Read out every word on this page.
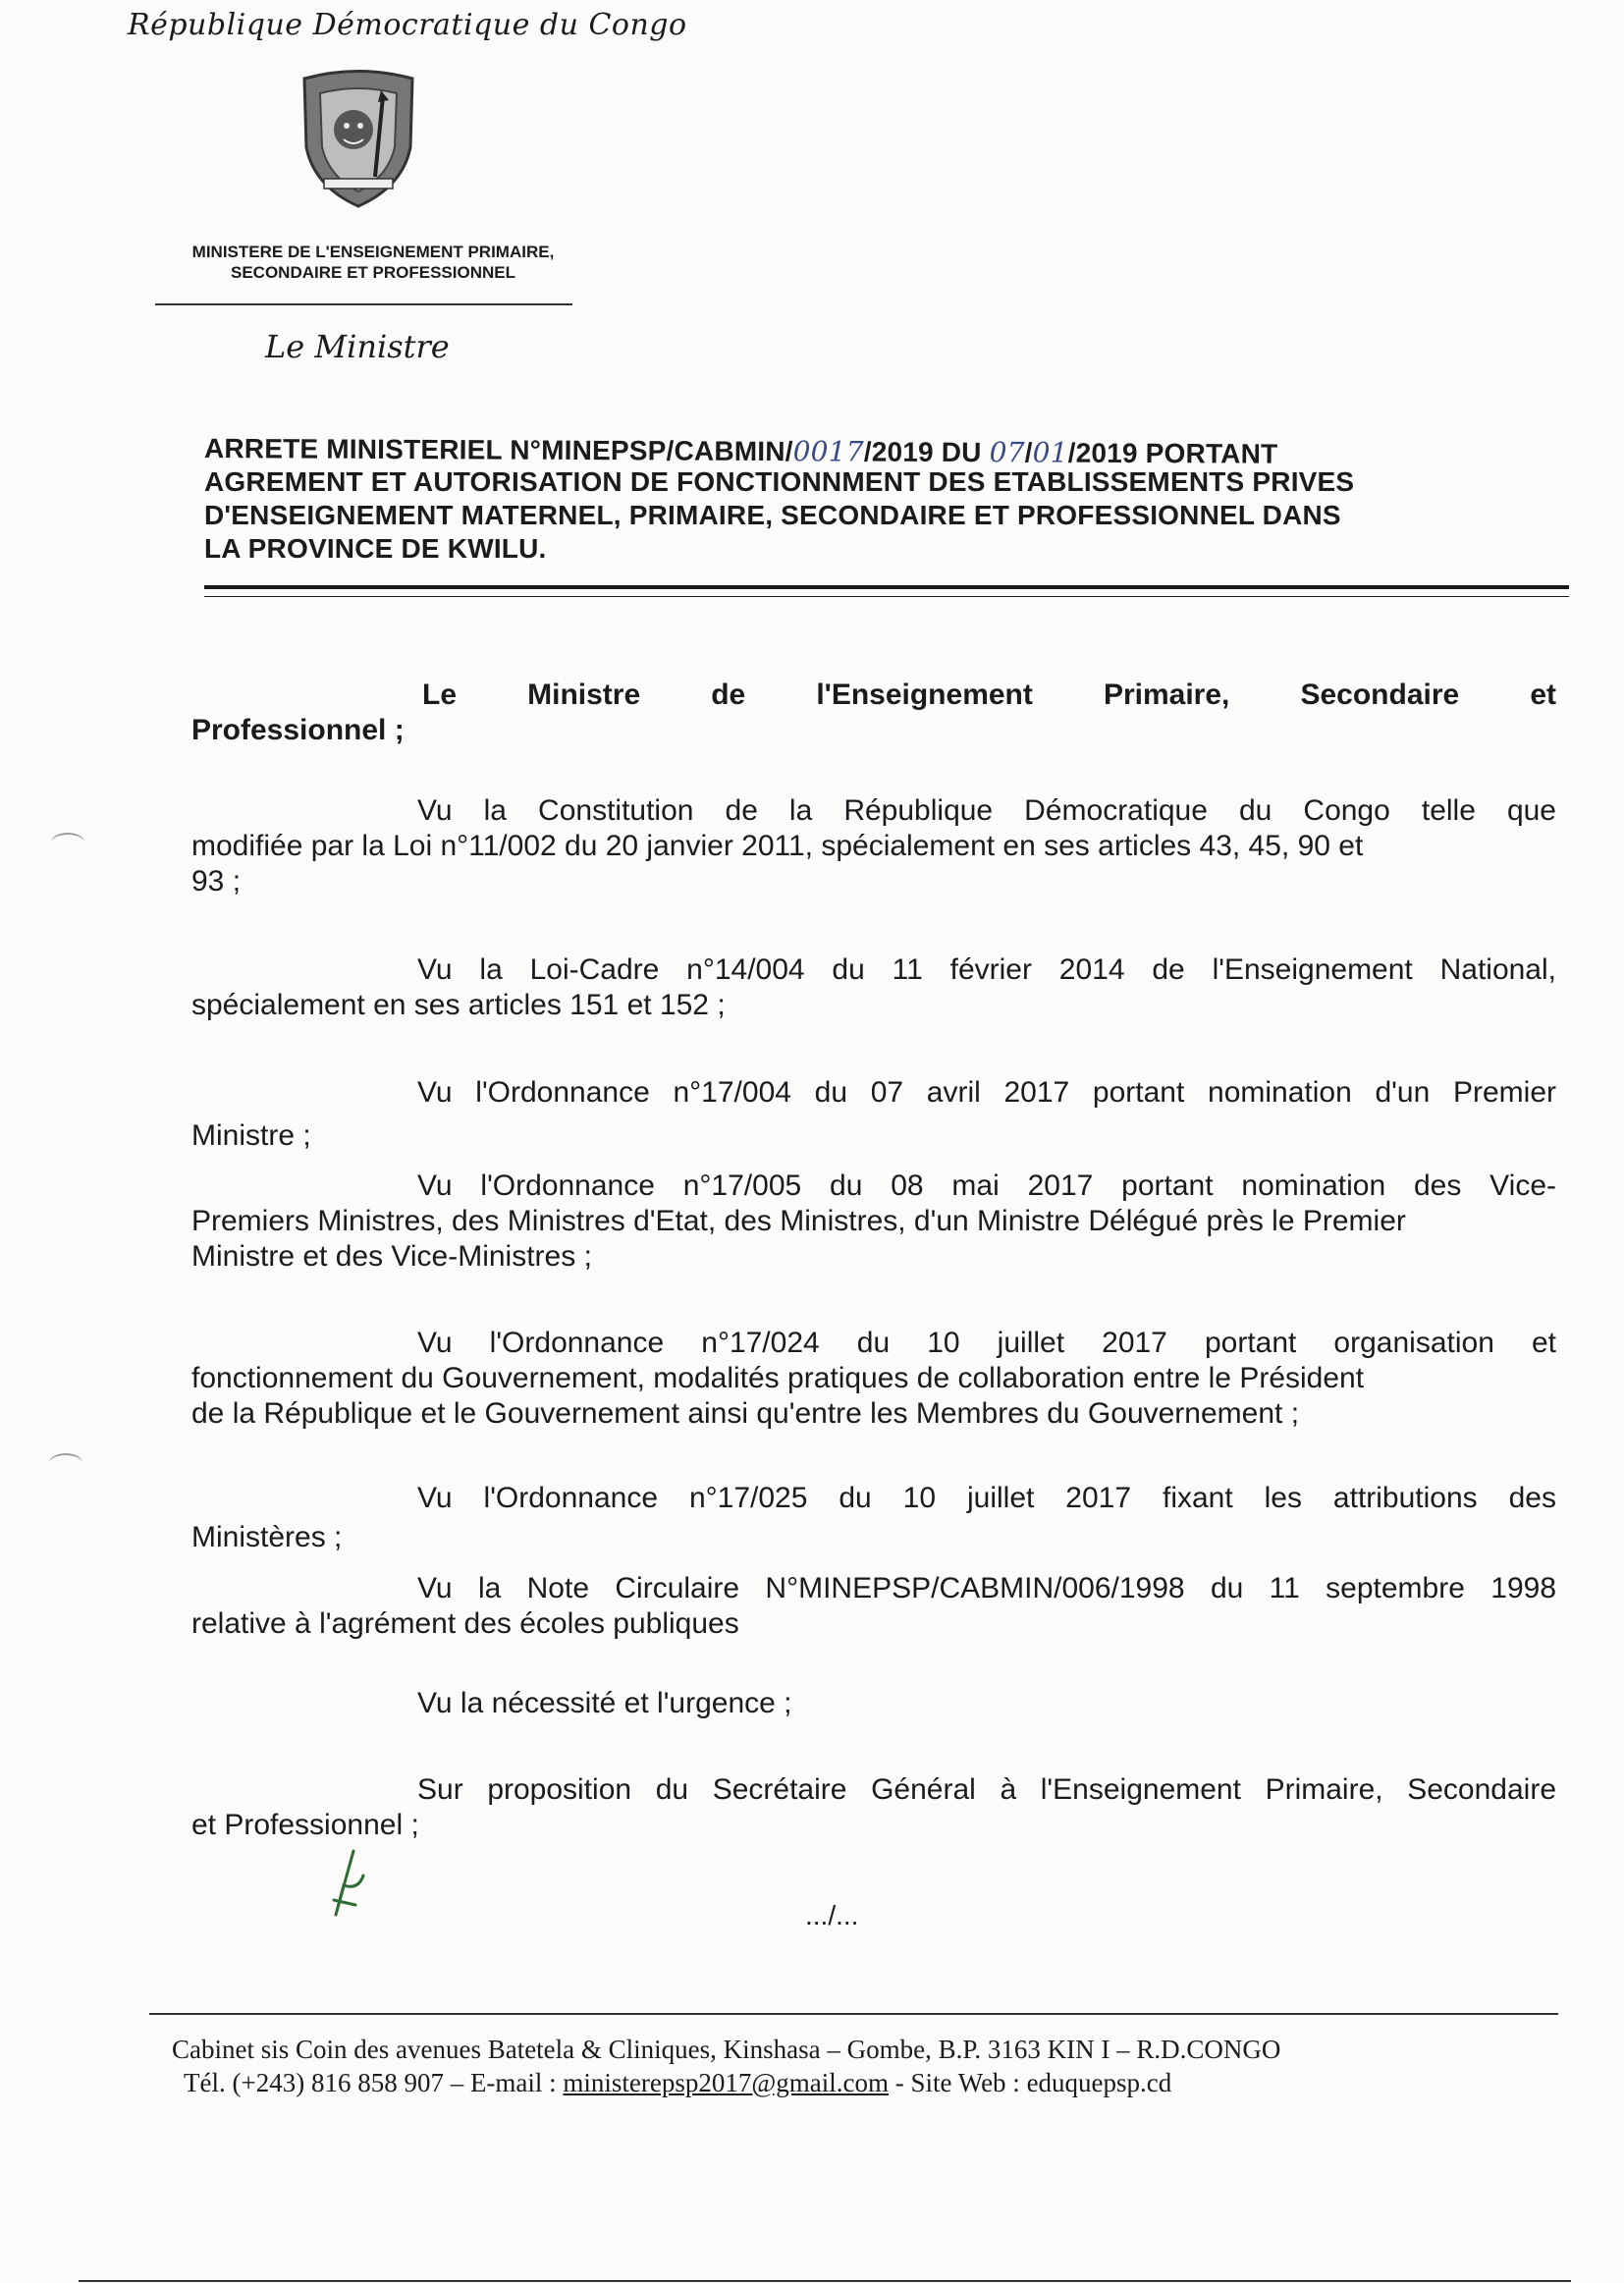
République Démocratique du Congo
MINISTERE DE L'ENSEIGNEMENT PRIMAIRE,
SECONDAIRE ET PROFESSIONNEL
Le Ministre
ARRETE MINISTERIEL N°MINEPSP/CABMIN/0017/2019 DU 07/01/2019 PORTANT
AGREMENT ET AUTORISATION DE FONCTIONNMENT DES ETABLISSEMENTS PRIVES
D'ENSEIGNEMENT MATERNEL, PRIMAIRE, SECONDAIRE ET PROFESSIONNEL DANS
LA PROVINCE DE KWILU.
Le Ministre de l'Enseignement Primaire, Secondaire et
Professionnel ;
Vu la Constitution de la République Démocratique du Congo telle que
modifiée par la Loi n°11/002 du 20 janvier 2011, spécialement en ses articles 43, 45, 90 et
93 ;
Vu la Loi-Cadre n°14/004 du 11 février 2014 de l'Enseignement National,
spécialement en ses articles 151 et 152 ;
Vu l'Ordonnance n°17/004 du 07 avril 2017 portant nomination d'un Premier
Ministre ;
Vu l'Ordonnance n°17/005 du 08 mai 2017 portant nomination des Vice-
Premiers Ministres, des Ministres d'Etat, des Ministres, d'un Ministre Délégué près le Premier
Ministre et des Vice-Ministres ;
Vu l'Ordonnance n°17/024 du 10 juillet 2017 portant organisation et
fonctionnement du Gouvernement, modalités pratiques de collaboration entre le Président
de la République et le Gouvernement ainsi qu'entre les Membres du Gouvernement ;
Vu l'Ordonnance n°17/025 du 10 juillet 2017 fixant les attributions des
Ministères ;
Vu la Note Circulaire N°MINEPSP/CABMIN/006/1998 du 11 septembre 1998
relative à l'agrément des écoles publiques
Vu la nécessité et l'urgence ;
Sur proposition du Secrétaire Général à l'Enseignement Primaire, Secondaire
et Professionnel ;
.../...
Cabinet sis Coin des avenues Batetela & Cliniques, Kinshasa – Gombe, B.P. 3163 KIN I – R.D.CONGO
Tél. (+243) 816 858 907 – E-mail : ministerepsp2017@gmail.com - Site Web : eduquepsp.cd
